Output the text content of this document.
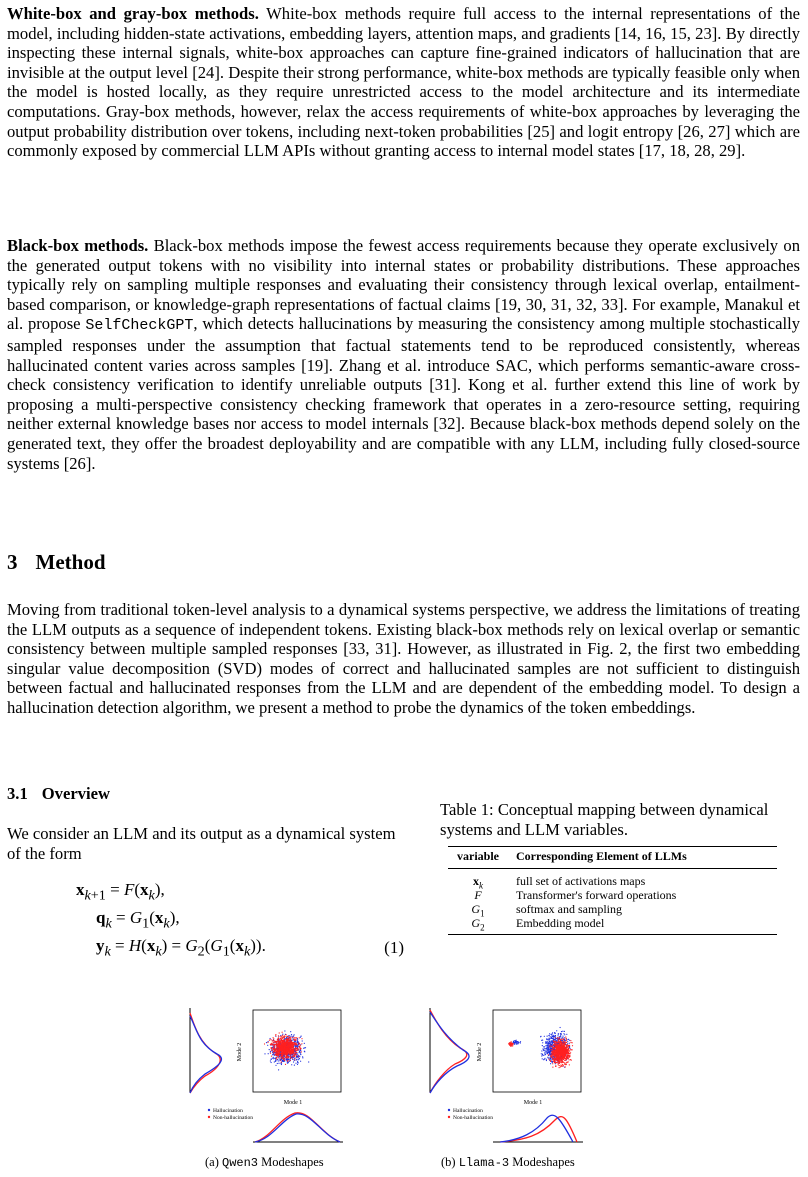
White-box and gray-box methods. White-box methods require full access to the internal representations of the model, including hidden-state activations, embedding layers, attention maps, and gradients [14, 16, 15, 23]. By directly inspecting these internal signals, white-box approaches can capture fine-grained indicators of hallucination that are invisible at the output level [24]. Despite their strong performance, white-box methods are typically feasible only when the model is hosted locally, as they require unrestricted access to the model architecture and its intermediate computations. Gray-box methods, however, relax the access requirements of white-box approaches by leveraging the output probability distribution over tokens, including next-token probabilities [25] and logit entropy [26, 27] which are commonly exposed by commercial LLM APIs without granting access to internal model states [17, 18, 28, 29].

Black-box methods. Black-box methods impose the fewest access requirements because they operate exclusively on the generated output tokens with no visibility into internal states or probability distributions. These approaches typically rely on sampling multiple responses and evaluating their consistency through lexical overlap, entailment-based comparison, or knowledge-graph representations of factual claims [19, 30, 31, 32, 33]. For example, Manakul et al. propose SelfCheckGPT, which detects hallucinations by measuring the consistency among multiple stochastically sampled responses under the assumption that factual statements tend to be reproduced consistently, whereas hallucinated content varies across samples [19]. Zhang et al. introduce SAC, which performs semantic-aware cross-check consistency verification to identify unreliable outputs [31]. Kong et al. further extend this line of work by proposing a multi-perspective consistency checking framework that operates in a zero-resource setting, requiring neither external knowledge bases nor access to model internals [32]. Because black-box methods depend solely on the generated text, they offer the broadest deployability and are compatible with any LLM, including fully closed-source systems [26].

3 Method

Moving from traditional token-level analysis to a dynamical systems perspective, we address the limitations of treating the LLM outputs as a sequence of independent tokens. Existing black-box methods rely on lexical overlap or semantic consistency between multiple sampled responses [33, 31]. However, as illustrated in Fig. 2, the first two embedding singular value decomposition (SVD) modes of correct and hallucinated samples are not sufficient to distinguish between factual and hallucinated responses from the LLM and are dependent of the embedding model. To design a hallucination detection algorithm, we present a method to probe the dynamics of the token embeddings.

3.1 Overview

We consider an LLM and its output as a dynamical system of the form

$x_{k+1} = F(x_k)$,
$q_k = G_1(x_k)$,
$y_k = H(x_k) = G_2(G_1(x_k))$.	(1)

Table 1: Conceptual mapping between dynamical systems and LLM variables.

variable	Corresponding Element of LLMs
$x_k$	full set of activations maps
F	Transformer's forward operations
$G_1$	softmax and sampling
$G_2$	Embedding model
Mode 1
Mode 2
Hallucination
Non-hallucination
(a) Qwen3 Modeshapes
Mode 1
Mode 2
Hallucination
Non-hallucination
(b) Llama-3 Modeshapes
